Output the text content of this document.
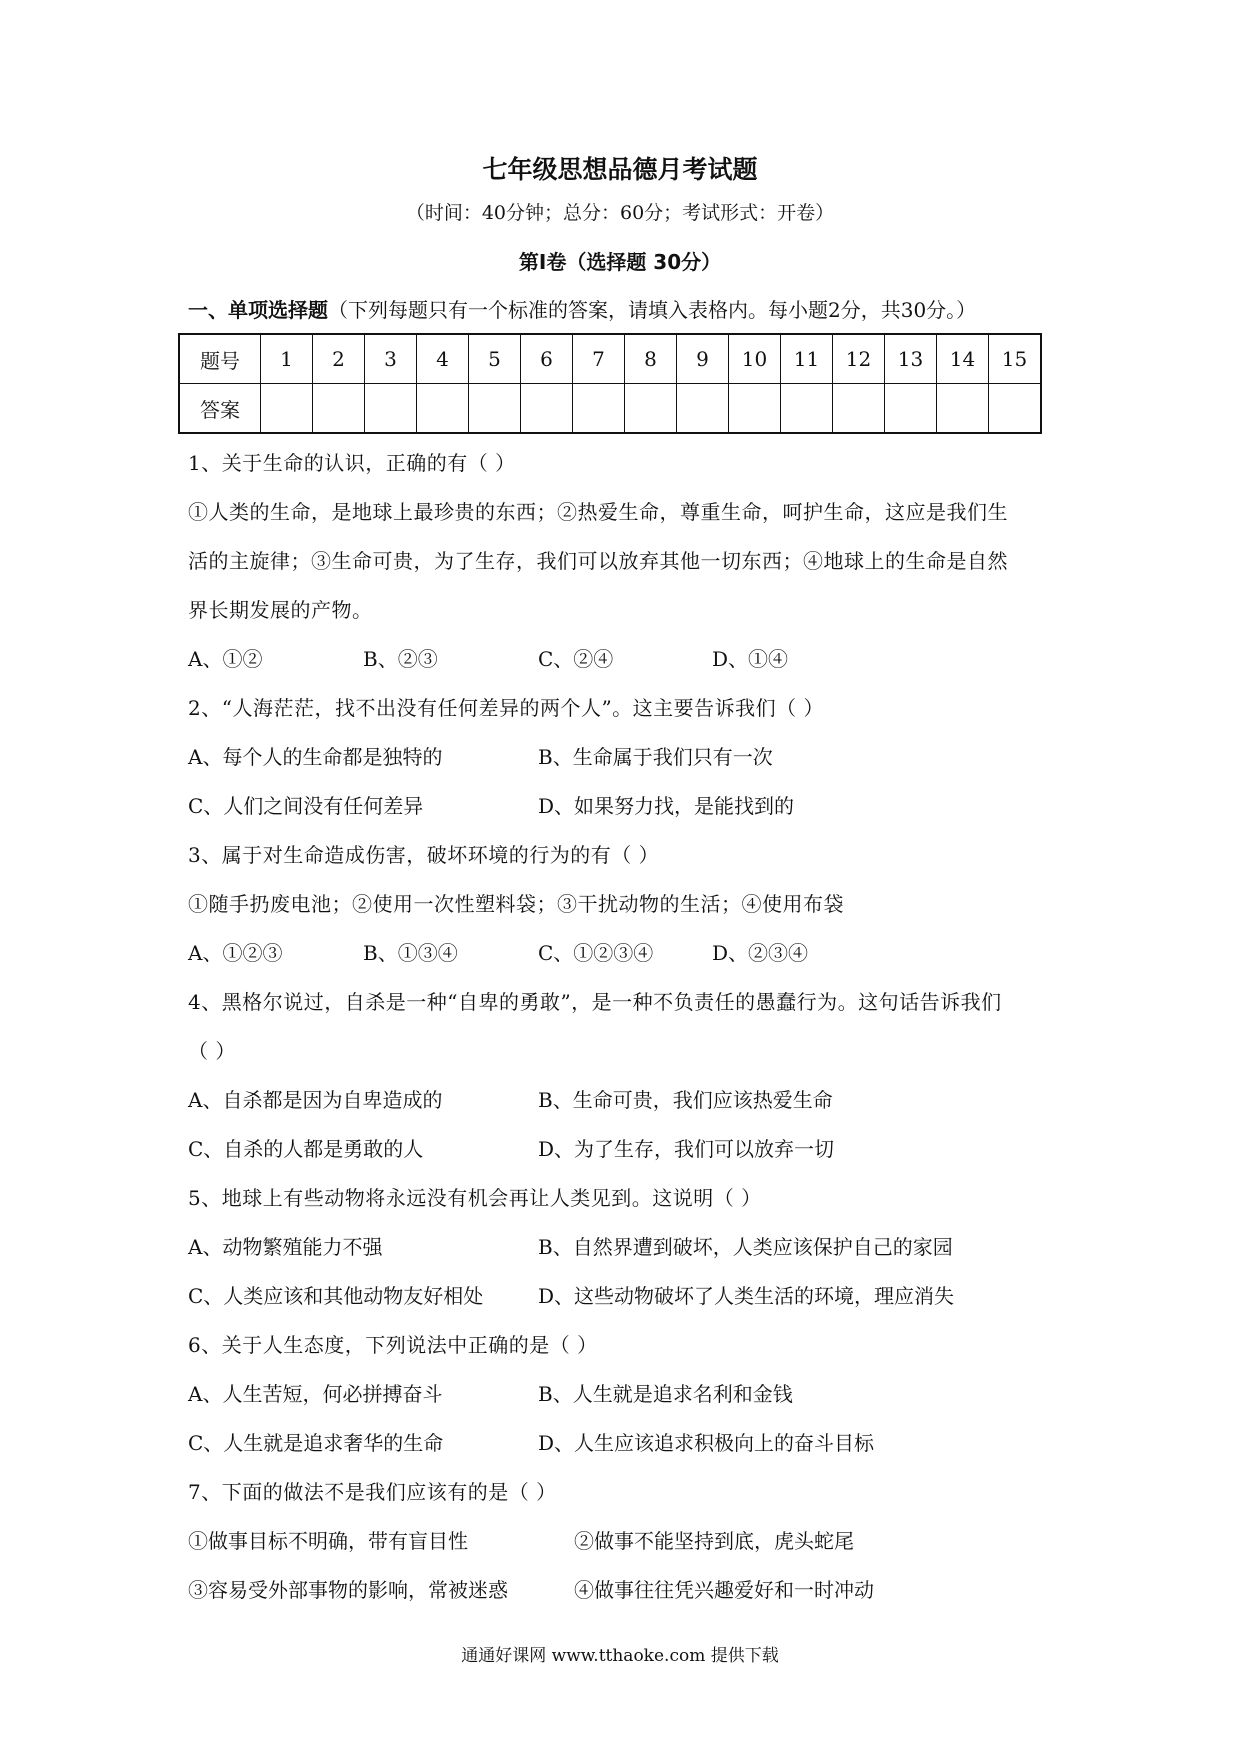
七年级思想品德月考试题
（时间：40分钟；总分：60分；考试形式：开卷）
第Ⅰ卷（选择题 30分）
一、单项选择题（下列每题只有一个标准的答案，请填入表格内。每小题2分，共30分。）
题号	1	2	3	4	5	6	7	8	9	10	11	12	13	14	15
答案															
1、关于生命的认识，正确的有（ ）
①人类的生命，是地球上最珍贵的东西；②热爱生命，尊重生命，呵护生命，这应是我们生
活的主旋律；③生命可贵，为了生存，我们可以放弃其他一切东西；④地球上的生命是自然
界长期发展的产物。
A、①②	B、②③	C、②④	D、①④
2、“人海茫茫，找不出没有任何差异的两个人”。这主要告诉我们（ ）
A、每个人的生命都是独特的	B、生命属于我们只有一次
C、人们之间没有任何差异	D、如果努力找，是能找到的
3、属于对生命造成伤害，破坏环境的行为的有（ ）
①随手扔废电池；②使用一次性塑料袋；③干扰动物的生活；④使用布袋
A、①②③	B、①③④	C、①②③④	D、②③④
4、黑格尔说过，自杀是一种“自卑的勇敢”，是一种不负责任的愚蠢行为。这句话告诉我们
（ ）
A、自杀都是因为自卑造成的	B、生命可贵，我们应该热爱生命
C、自杀的人都是勇敢的人	D、为了生存，我们可以放弃一切
5、地球上有些动物将永远没有机会再让人类见到。这说明（ ）
A、动物繁殖能力不强	B、自然界遭到破坏，人类应该保护自己的家园
C、人类应该和其他动物友好相处	D、这些动物破坏了人类生活的环境，理应消失
6、关于人生态度，下列说法中正确的是（ ）
A、人生苦短，何必拼搏奋斗	B、人生就是追求名利和金钱
C、人生就是追求奢华的生命	D、人生应该追求积极向上的奋斗目标
7、下面的做法不是我们应该有的是（ ）
①做事目标不明确，带有盲目性	②做事不能坚持到底，虎头蛇尾
③容易受外部事物的影响，常被迷惑	④做事往往凭兴趣爱好和一时冲动
通通好课网 www.tthaoke.com 提供下载
